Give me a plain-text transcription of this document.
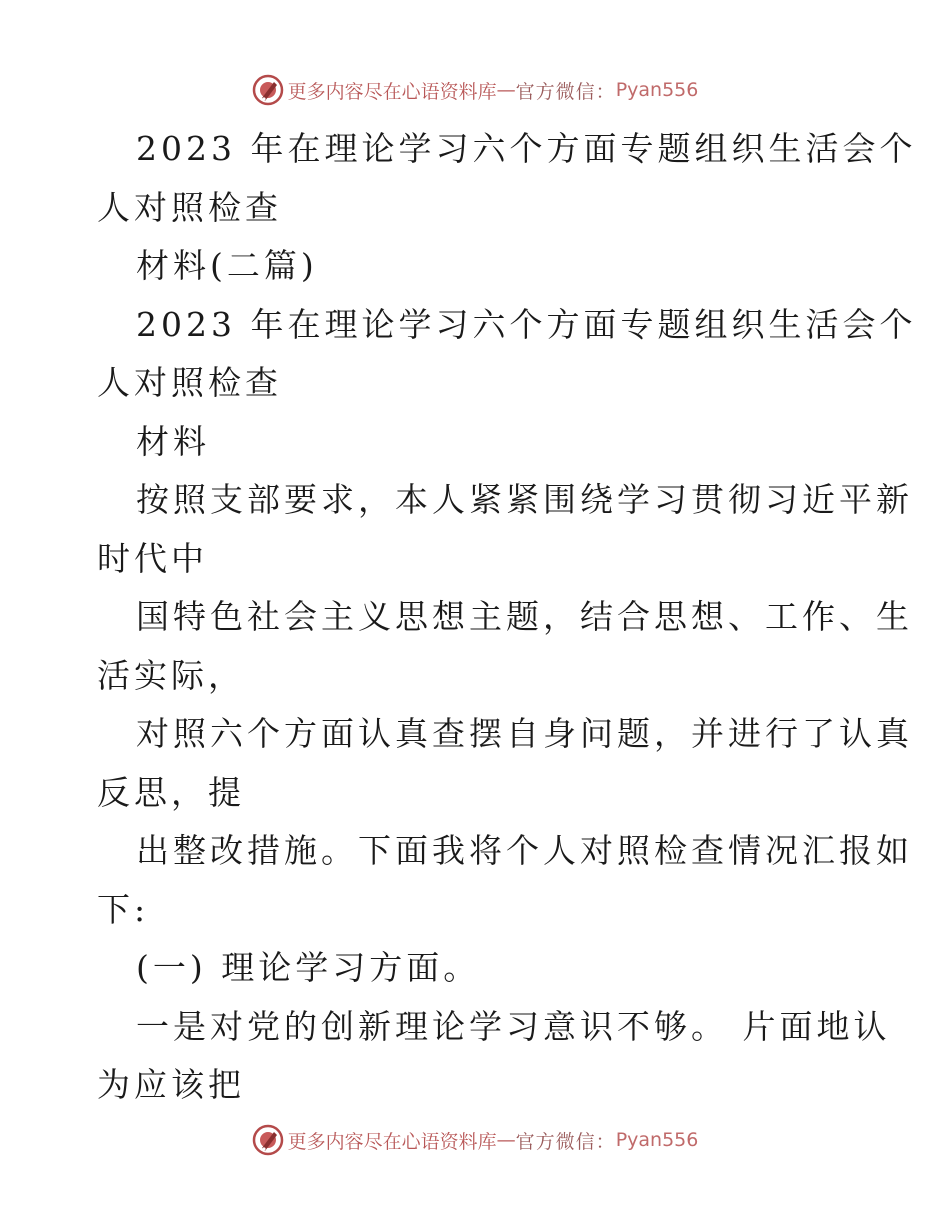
更多内容尽在心语资料库 — 官方微信： Pyan556
2023 年在理论学习六个方面专题组织生活会个
人对照检查
材料(二篇)
2023 年在理论学习六个方面专题组织生活会个
人对照检查
材料
按照支部要求，本人紧紧围绕学习贯彻习近平新
时代中
国特色社会主义思想主题，结合思想、工作、生
活实际，
对照六个方面认真查摆自身问题，并进行了认真
反思，提
出整改措施。下面我将个人对照检查情况汇报如
下:
(一) 理论学习方面。
一是对党的创新理论学习意识不够。 片面地认
为应该把
更多内容尽在心语资料库 — 官方微信： Pyan556
